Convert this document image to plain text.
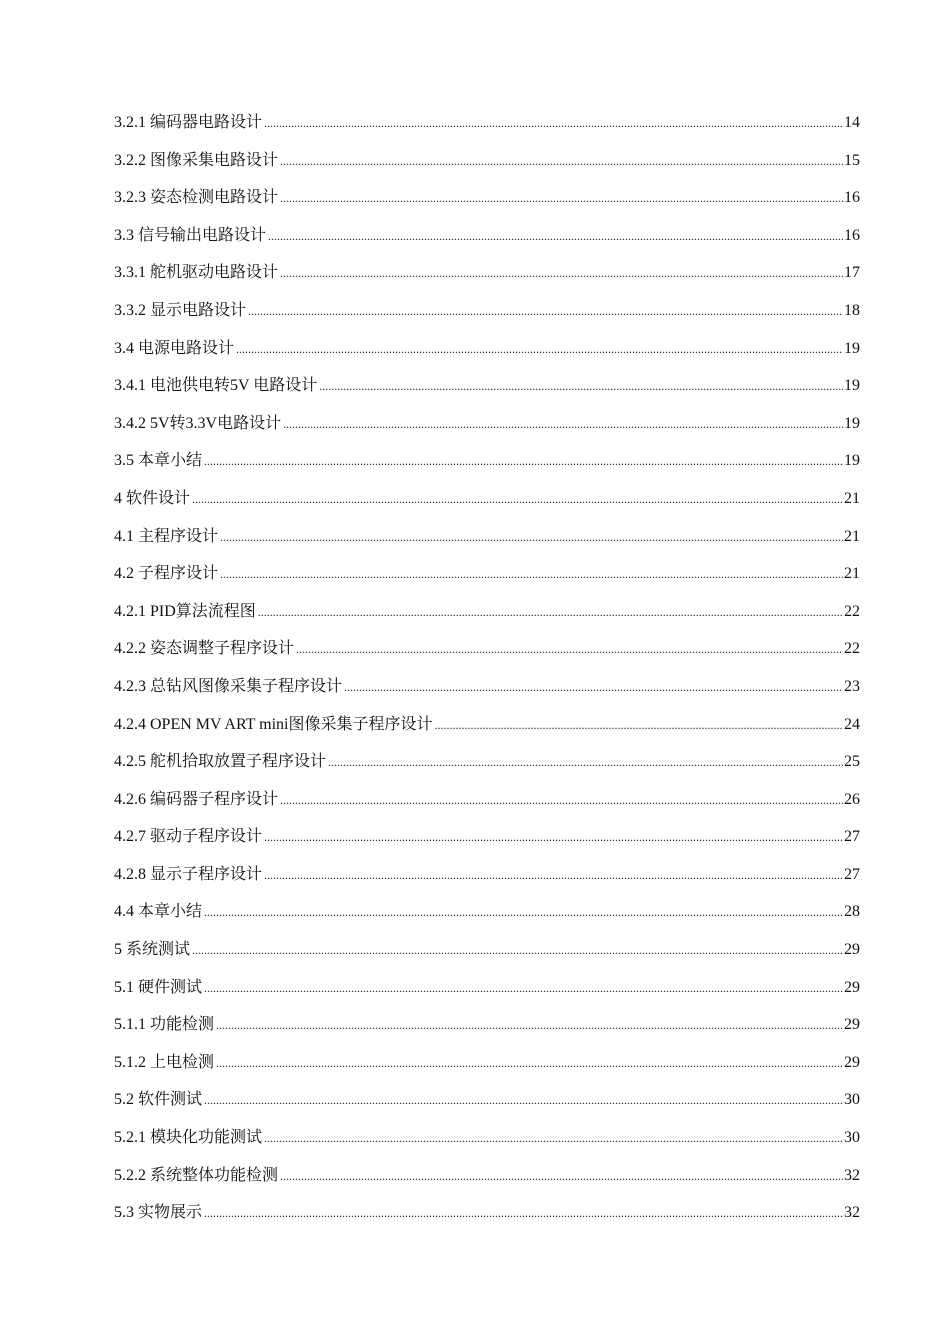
3.2.1 编码器电路设计 .....	14
3.2.2 图像采集电路设计 .....	15
3.2.3 姿态检测电路设计 .....	16
3.3 信号输出电路设计 .....	16
3.3.1 舵机驱动电路设计 .....	17
3.3.2 显示电路设计 .....	18
3.4 电源电路设计 .....	19
3.4.1 电池供电转5V 电路设计 .....	19
3.4.2 5V转3.3V电路设计 .....	19
3.5 本章小结 .....	19
4 软件设计 .....	21
4.1 主程序设计 .....	21
4.2 子程序设计 .....	21
4.2.1 PID算法流程图 .....	22
4.2.2 姿态调整子程序设计 .....	22
4.2.3 总钻风图像采集子程序设计 .....	23
4.2.4 OPEN MV ART mini图像采集子程序设计 .....	24
4.2.5 舵机拾取放置子程序设计 .....	25
4.2.6 编码器子程序设计 .....	26
4.2.7 驱动子程序设计 .....	27
4.2.8 显示子程序设计 .....	27
4.4 本章小结 .....	28
5 系统测试 .....	29
5.1 硬件测试 .....	29
5.1.1 功能检测 .....	29
5.1.2 上电检测 .....	29
5.2 软件测试 .....	30
5.2.1 模块化功能测试 .....	30
5.2.2 系统整体功能检测 .....	32
5.3 实物展示 .....	32
